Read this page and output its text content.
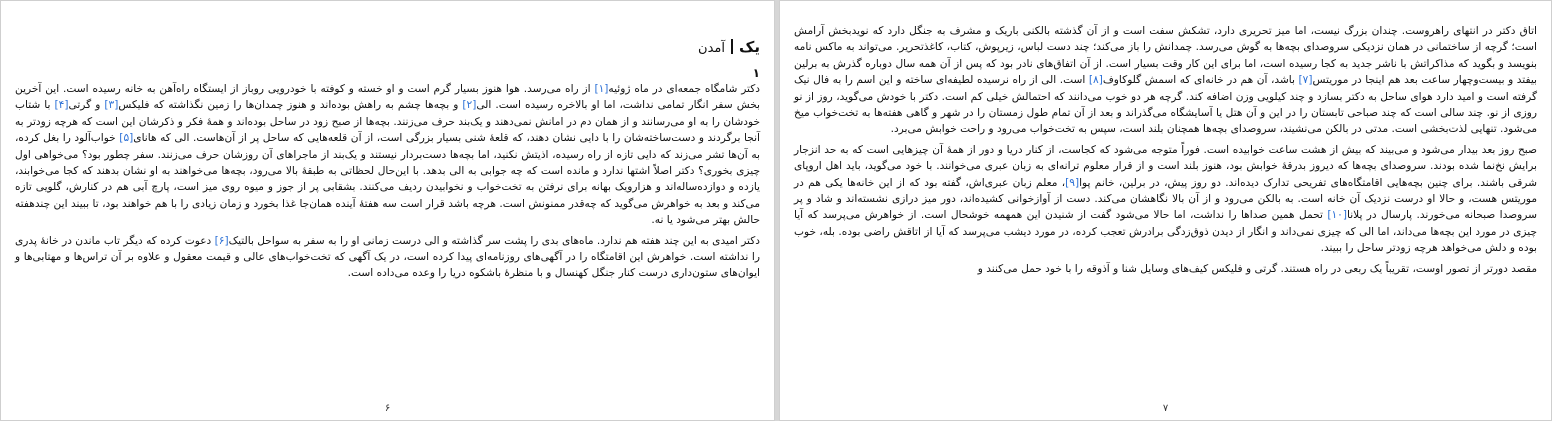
یکآمدن
۱

دکتر شامگاه جمعه‌ای در ماه ژوئیه[۱] از راه می‌رسد. هوا هنوز بسیار گرم است و او خسته و کوفته با خودرویی روباز از ایستگاه راه‌آهن به خانه رسیده است. این آخرین بخش سفر انگار تمامی نداشت، اما او بالاخره رسیده است. الی[۲] و بچه‌ها چشم به راهش بوده‌اند و هنوز چمدان‌ها را زمین نگذاشته که فلیکس[۳] و گرتی[۴] با شتاب خودشان را به او می‌رسانند و از همان دم در امانش نمی‌دهند و یک‌بند حرف می‌زنند. بچه‌ها از صبح زود در ساحل بوده‌اند و همهٔ فکر و ذکرشان این است که هرچه زودتر به آنجا برگردند و دست‌ساخته‌شان را با دایی نشان دهند، که قلعهٔ شنی بسیار بزرگی است، از آن قلعه‌هایی که ساحل پر از آن‌هاست. الی که هانای[۵] خواب‌آلود را بغل کرده، به آن‌ها تشر می‌زند که دایی تازه از راه رسیده، اذیتش نکنید، اما بچه‌ها دست‌بردار نیستند و یک‌بند از ماجراهای آن روزشان حرف می‌زنند. سفر چطور بود؟ می‌خواهی اول چیزی بخوری؟ دکتر اصلاً اشتها ندارد و مانده است که چه جوابی به الی بدهد. با این‌حال لحظاتی به طبقهٔ بالا می‌رود، بچه‌ها می‌خواهند به او نشان بدهند که کجا می‌خوابند، یازده و دوازده‌ساله‌اند و هزارویک بهانه برای نرفتن به تخت‌خواب و نخوابیدن ردیف می‌کنند. بشقابی پر از جوز و میوه روی میز است، پارچ آبی هم در کنارش، گلویی تازه می‌کند و بعد به خواهرش می‌گوید که چه‌قدر ممنونش است. هرچه باشد قرار است سه هفتهٔ آینده همان‌جا غذا بخورد و زمان زیادی را با هم خواهند بود، تا ببیند این چندهفته حالش بهتر می‌شود یا نه.

دکتر امیدی به این چند هفته هم ندارد. ماه‌های بدی را پشت سر گذاشته و الی درست زمانی او را به سفر به سواحل بالتیک[۶] دعوت کرده که دیگر تاب ماندن در خانهٔ پدری را نداشته است. خواهرش این اقامتگاه را در آگهی‌های روزنامه‌ای پیدا کرده است، در یک آگهی که تخت‌خواب‌های عالی و قیمت معقول و علاوه بر آن تراس‌ها و مهتابی‌ها و ایوان‌های ستون‌داری درست کنار جنگل کهنسال و با منظرهٔ باشکوه دریا را وعده می‌داده است.

۶

اتاق دکتر در انتهای راهروست. چندان بزرگ نیست، اما میز تحریری دارد، تشکش سفت است و از آن گذشته بالکنی باریک و مشرف به جنگل دارد که نوید‌بخش آرامش است؛ گرچه از ساختمانی در همان نزدیکی سروصدای بچه‌ها به گوش می‌رسد. چمدانش را باز می‌کند؛ چند دست لباس، زیرپوش، کتاب، کاغذتحریر. می‌تواند به ماکس نامه بنویسد و بگوید که مذاکراتش با ناشر جدید به کجا رسیده است، اما برای این کار وقت بسیار است. از آن اتفاق‌های نادر بود که پس از آن همه سال دوباره گذرش به برلین بیفتد و بیست‌وچهار ساعت بعد هم اینجا در موریتس[۷] باشد، آن هم در خانه‌ای که اسمش گلوکاوف[۸] است. الی از راه نرسیده لطیفه‌ای ساخته و این اسم را به فال نیک گرفته است و امید دارد هوای ساحل به دکتر بسازد و چند کیلویی وزن اضافه کند. گرچه هر دو خوب می‌دانند که احتمالش خیلی کم است. دکتر با خودش می‌گوید، روز از نو روزی از نو. چند سالی است که چند صباحی تابستان را در این و آن هتل یا آسایشگاه می‌گذراند و بعد از آن تمام طول زمستان را در شهر و گاهی هفته‌ها به تخت‌خواب میخ می‌شود. تنهایی لذت‌بخشی است. مدتی در بالکن می‌نشیند، سروصدای بچه‌ها همچنان بلند است، سپس به تخت‌خواب می‌رود و راحت خوابش می‌برد.

صبح روز بعد بیدار می‌شود و می‌بیند که بیش از هشت ساعت خوابیده است. فوراً متوجه می‌شود که کجاست، از کنار دریا و دور از همهٔ آن چیزهایی است که به حد انزجار برایش نخ‌نما شده بودند. سروصدای بچه‌ها که دیروز بدرقهٔ خوابش بود، هنوز بلند است و از قرار معلوم ترانه‌ای به زبان عبری می‌خوانند. با خود می‌گوید، باید اهل اروپای شرقی باشند. برای چنین بچه‌هایی اقامتگاه‌های تفریحی تدارک دیده‌اند. دو روز پیش، در برلین، خانم پوا[۹]، معلم زبان عبری‌اش، گفته بود که از این خانه‌ها یکی هم در موریتس هست، و حالا او درست نزدیک آن خانه است. به بالکن می‌رود و از آن بالا نگاهشان می‌کند. دست از آوازخوانی کشیده‌اند، دور میز درازی نشسته‌اند و شاد و پر سروصدا صبحانه می‌خورند. پارسال در پلانا[۱۰] تحمل همین صداها را نداشت، اما حالا می‌شود گفت از شنیدن این همهمه خوشحال است. از خواهرش می‌پرسد که آیا چیزی در مورد این بچه‌ها می‌داند، اما الی که چیزی نمی‌داند و انگار از دیدن ذوق‌زدگی برادرش تعجب کرده، در مورد دیشب می‌پرسد که آیا از اتاقش راضی بوده. بله، خوب بوده و دلش می‌خواهد هرچه زودتر ساحل را ببیند.

مقصد دورتر از تصور اوست، تقریباً یک ربعی در راه هستند. گرتی و فلیکس کیف‌های وسایل شنا و آذوقه را با خود حمل می‌کنند و

۷
